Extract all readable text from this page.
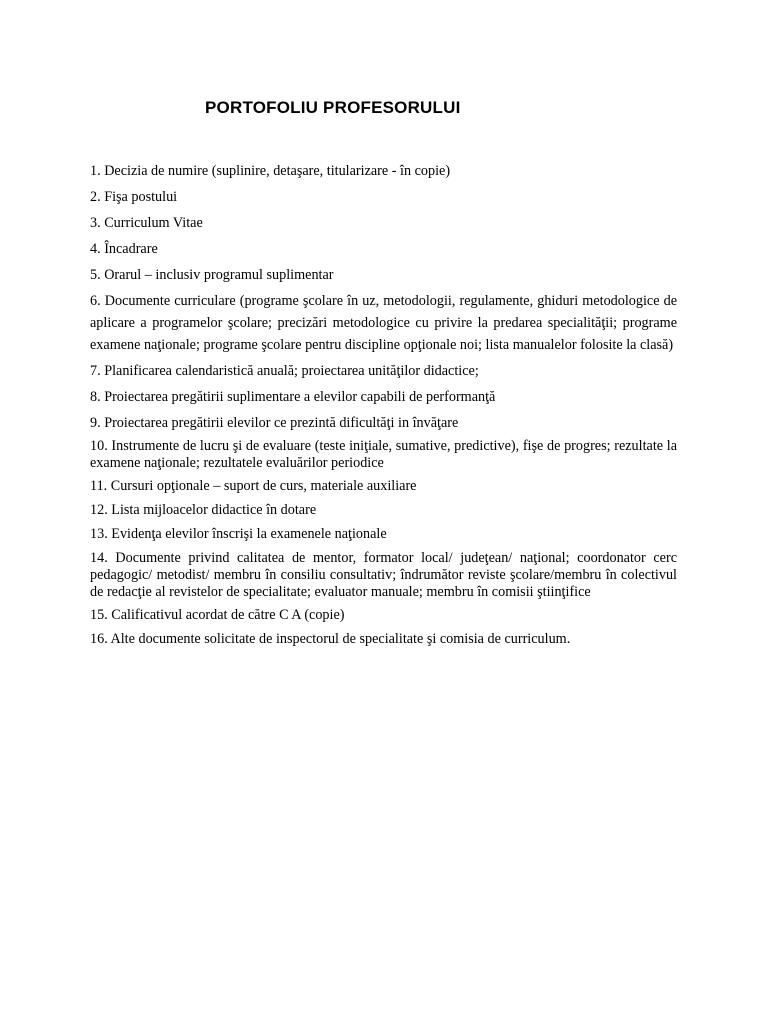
PORTOFOLIU PROFESORULUI

1. Decizia de numire (suplinire, detaşare, titularizare - în copie)

2. Fişa postului

3. Curriculum Vitae

4. Încadrare

5. Orarul – inclusiv programul suplimentar

6. Documente curriculare (programe şcolare în uz, metodologii, regulamente, ghiduri metodologice de aplicare a programelor şcolare; precizări metodologice cu privire la predarea specialităţii; programe examene naţionale; programe şcolare pentru discipline opţionale noi; lista manualelor folosite la clasă)

7. Planificarea calendaristică anuală; proiectarea unităţilor didactice;

8. Proiectarea pregătirii suplimentare a elevilor capabili de performanţă

9. Proiectarea pregătirii elevilor ce prezintă dificultăţi in învăţare

10. Instrumente de lucru şi de evaluare (teste iniţiale, sumative, predictive), fişe de progres; rezultate la examene naţionale; rezultatele evaluărilor periodice

11. Cursuri opţionale – suport de curs, materiale auxiliare

12. Lista mijloacelor didactice în dotare

13. Evidenţa elevilor înscrişi la examenele naţionale

14. Documente privind calitatea de mentor, formator local/ judeţean/ naţional; coordonator cerc pedagogic/ metodist/ membru în consiliu consultativ; îndrumător reviste şcolare/membru în colectivul de redacţie al revistelor de specialitate; evaluator manuale; membru în comisii ştiinţifice

15. Calificativul acordat de către C A (copie)

16. Alte documente solicitate de inspectorul de specialitate şi comisia de curriculum.
